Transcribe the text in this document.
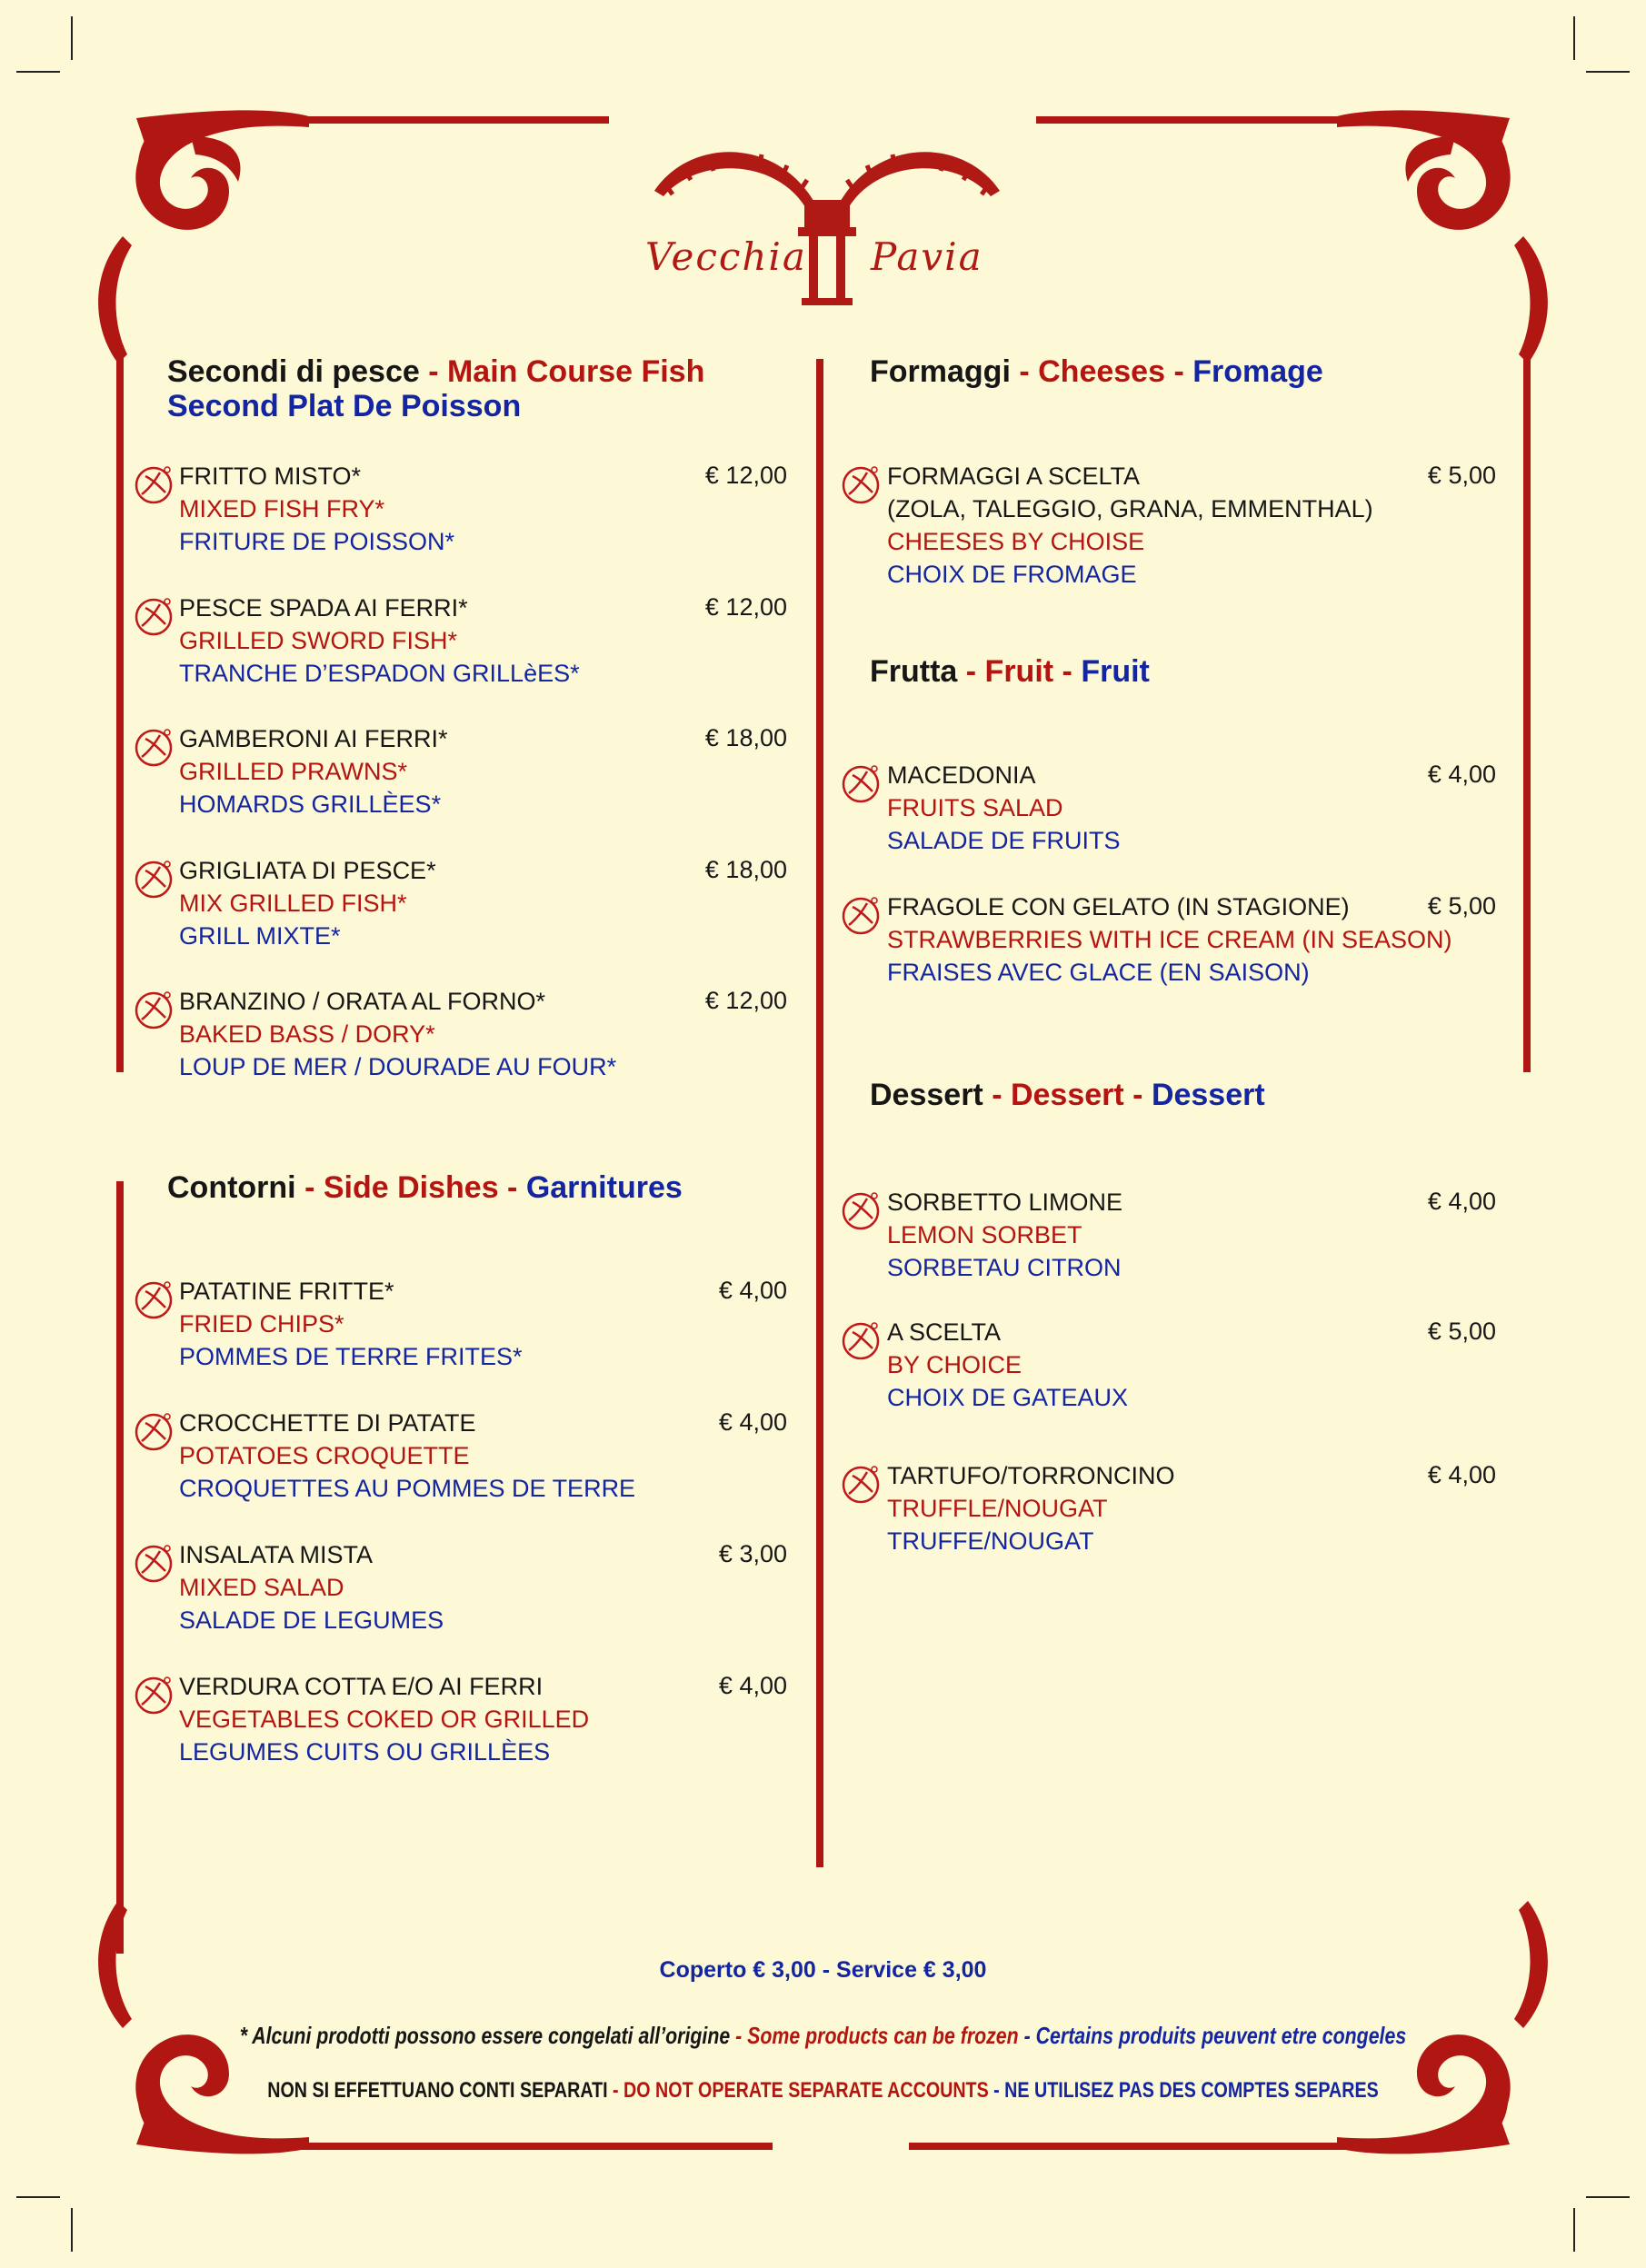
Vecchia Pavia
Secondi di pesce - Main Course Fish
Second Plat De Poisson
Contorni - Side Dishes - Garnitures
Formaggi - Cheeses - Fromage
Frutta - Fruit - Fruit
Dessert - Dessert - Dessert
FRITTO MISTO*
MIXED FISH FRY*
FRITURE DE POISSON*
€ 12,00
PESCE SPADA AI FERRI*
GRILLED SWORD FISH*
TRANCHE D’ESPADON GRILLèES*
€ 12,00
GAMBERONI AI FERRI*
GRILLED PRAWNS*
HOMARDS GRILLÈES*
€ 18,00
GRIGLIATA DI PESCE*
MIX GRILLED FISH*
GRILL MIXTE*
€ 18,00
BRANZINO / ORATA AL FORNO*
BAKED BASS / DORY*
LOUP DE MER / DOURADE AU FOUR*
€ 12,00
PATATINE FRITTE*
FRIED CHIPS*
POMMES DE TERRE FRITES*
€ 4,00
CROCCHETTE DI PATATE
POTATOES CROQUETTE
CROQUETTES AU POMMES DE TERRE
€ 4,00
INSALATA MISTA
MIXED SALAD
SALADE DE LEGUMES
€ 3,00
VERDURA COTTA E/O AI FERRI
VEGETABLES COKED OR GRILLED
LEGUMES CUITS OU GRILLÈES
€ 4,00
FORMAGGI A SCELTA
(ZOLA, TALEGGIO, GRANA, EMMENTHAL)
CHEESES BY CHOISE
CHOIX DE FROMAGE
€ 5,00
MACEDONIA
FRUITS SALAD
SALADE DE FRUITS
€ 4,00
FRAGOLE CON GELATO (IN STAGIONE)
STRAWBERRIES WITH ICE CREAM (IN SEASON)
FRAISES AVEC GLACE (EN SAISON)
€ 5,00
SORBETTO LIMONE
LEMON SORBET
SORBETAU CITRON
€ 4,00
A SCELTA
BY CHOICE
CHOIX DE GATEAUX
€ 5,00
TARTUFO/TORRONCINO
TRUFFLE/NOUGAT
TRUFFE/NOUGAT
€ 4,00
Coperto € 3,00 - Service € 3,00
* Alcuni prodotti possono essere congelati all’origine - Some products can be frozen - Certains produits peuvent etre congeles
NON SI EFFETTUANO CONTI SEPARATI - DO NOT OPERATE SEPARATE ACCOUNTS - NE UTILISEZ PAS DES COMPTES SEPARES
